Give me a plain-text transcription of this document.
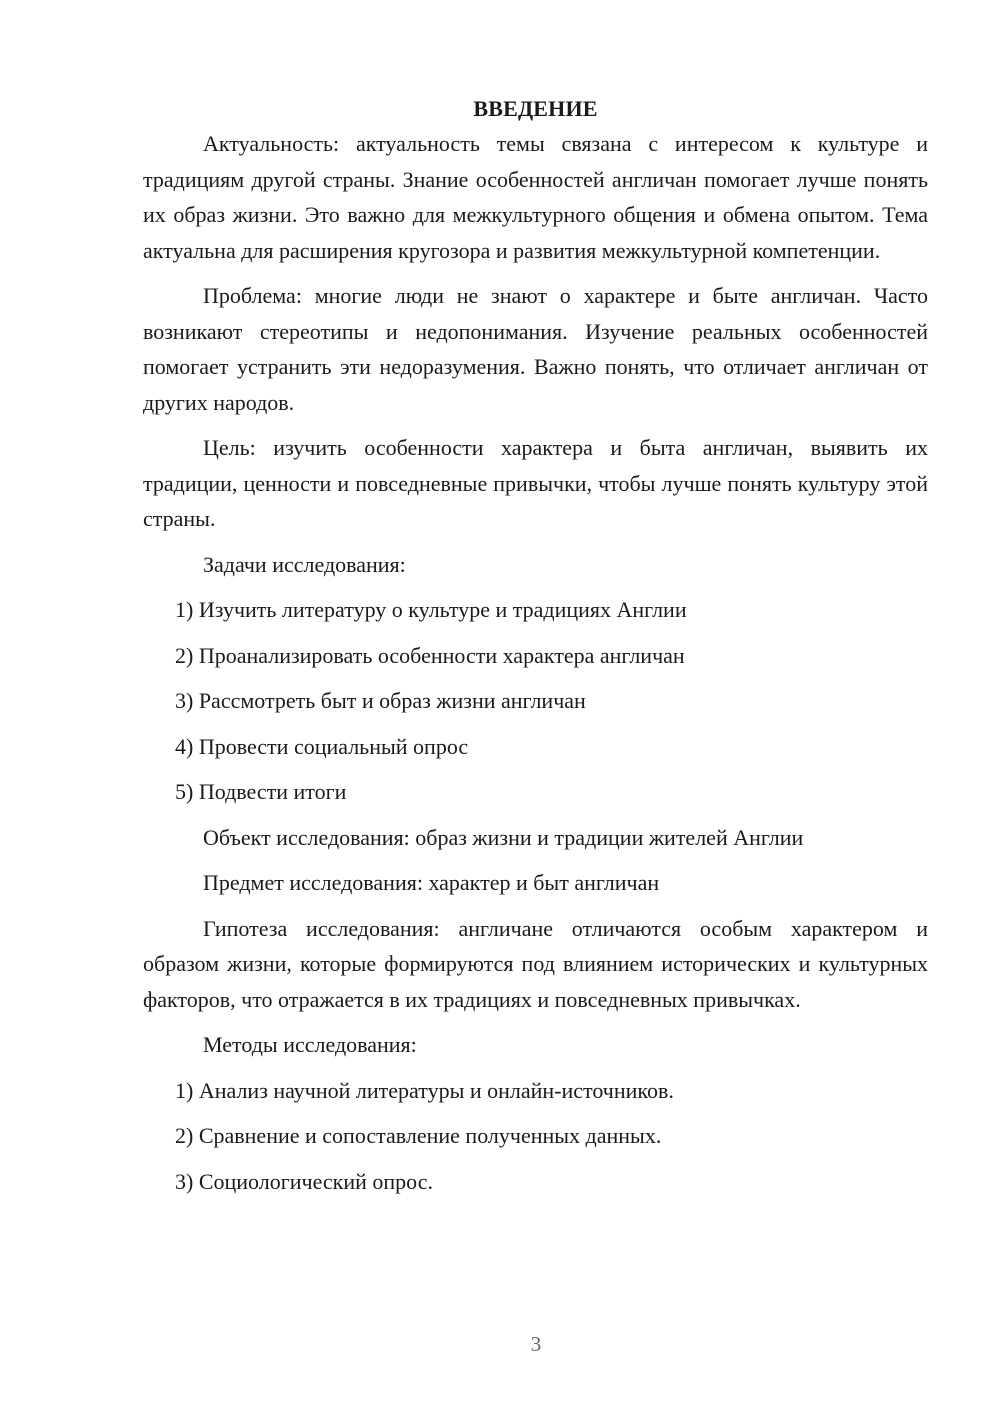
ВВЕДЕНИЕ

Актуальность: актуальность темы связана с интересом к культуре и традициям другой страны. Знание особенностей англичан помогает лучше понять их образ жизни. Это важно для межкультурного общения и обмена опытом. Тема актуальна для расширения кругозора и развития межкультурной компетенции.

Проблема: многие люди не знают о характере и быте англичан. Часто возникают стереотипы и недопонимания. Изучение реальных особенностей помогает устранить эти недоразумения. Важно понять, что отличает англичан от других народов.

Цель: изучить особенности характера и быта англичан, выявить их традиции, ценности и повседневные привычки, чтобы лучше понять культуру этой страны.

Задачи исследования:
1) Изучить литературу о культуре и традициях Англии
2) Проанализировать особенности характера англичан
3) Рассмотреть быт и образ жизни англичан
4) Провести социальный опрос
5) Подвести итоги
Объект исследования: образ жизни и традиции жителей Англии
Предмет исследования: характер и быт англичан

Гипотеза исследования: англичане отличаются особым характером и образом жизни, которые формируются под влиянием исторических и культурных факторов, что отражается в их традициях и повседневных привычках.

Методы исследования:
1) Анализ научной литературы и онлайн-источников.
2) Сравнение и сопоставление полученных данных.
3) Социологический опрос.
3
